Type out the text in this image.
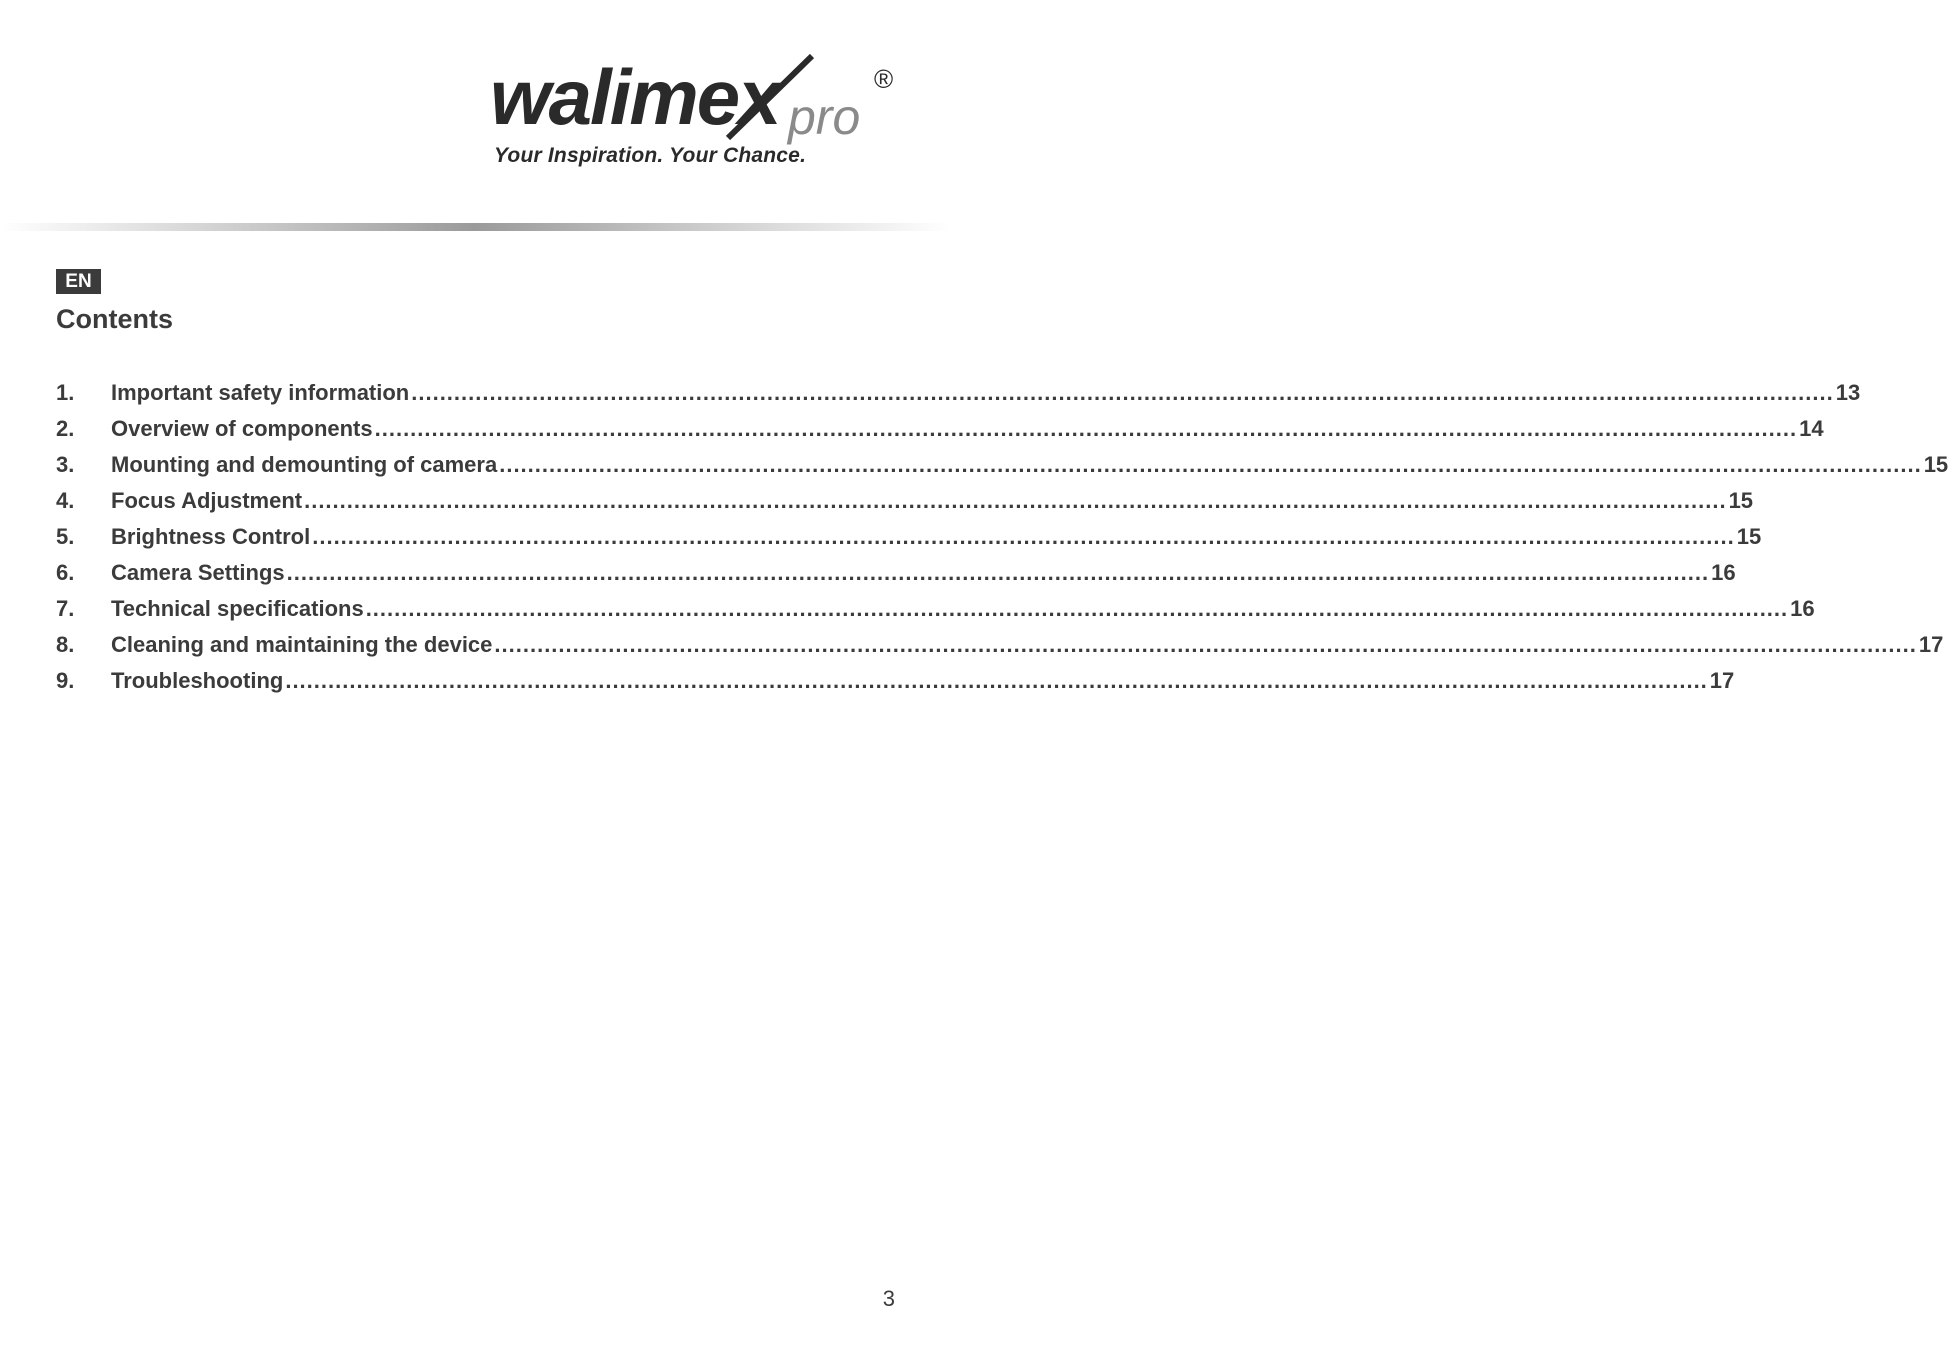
walimex pro
®
Your Inspiration. Your Chance.
EN
Contents
1.	Important safety information ........................................................................................................................................................................................................ 13
2.	Overview of components ........................................................................................................................................................................................................ 14
3.	Mounting and demounting of camera ........................................................................................................................................................................................................ 15
4.	Focus Adjustment ........................................................................................................................................................................................................ 15
5.	Brightness Control ........................................................................................................................................................................................................ 15
6.	Camera Settings ........................................................................................................................................................................................................ 16
7.	Technical specifications ........................................................................................................................................................................................................ 16
8.	Cleaning and maintaining the device ........................................................................................................................................................................................................ 17
9.	Troubleshooting ........................................................................................................................................................................................................ 17
3
